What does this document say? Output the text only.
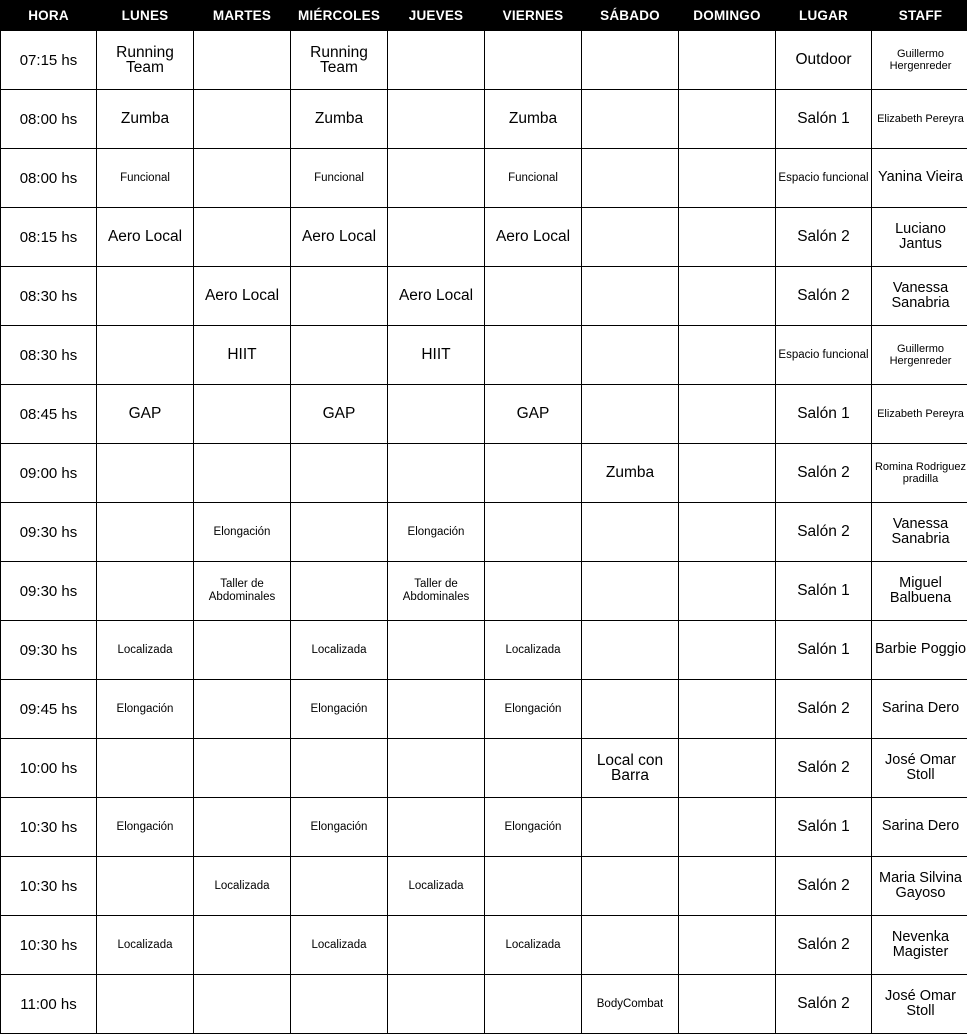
HORA	LUNES	MARTES	MIÉRCOLES	JUEVES	VIERNES	SÁBADO	DOMINGO	LUGAR	STAFF
07:15 hs	Running Team		Running Team					Outdoor	Guillermo Hergenreder
08:00 hs	Zumba		Zumba		Zumba			Salón 1	Elizabeth Pereyra
08:00 hs	Funcional		Funcional		Funcional			Espacio funcional	Yanina Vieira
08:15 hs	Aero Local		Aero Local		Aero Local			Salón 2	Luciano Jantus
08:30 hs		Aero Local		Aero Local				Salón 2	Vanessa Sanabria
08:30 hs		HIIT		HIIT				Espacio funcional	Guillermo Hergenreder
08:45 hs	GAP		GAP		GAP			Salón 1	Elizabeth Pereyra
09:00 hs						Zumba		Salón 2	Romina Rodriguez pradilla
09:30 hs		Elongación		Elongación				Salón 2	Vanessa Sanabria
09:30 hs		Taller de Abdominales		Taller de Abdominales				Salón 1	Miguel Balbuena
09:30 hs	Localizada		Localizada		Localizada			Salón 1	Barbie Poggio
09:45 hs	Elongación		Elongación		Elongación			Salón 2	Sarina Dero
10:00 hs						Local con Barra		Salón 2	José Omar Stoll
10:30 hs	Elongación		Elongación		Elongación			Salón 1	Sarina Dero
10:30 hs		Localizada		Localizada				Salón 2	Maria Silvina Gayoso
10:30 hs	Localizada		Localizada		Localizada			Salón 2	Nevenka Magister
11:00 hs						BodyCombat		Salón 2	José Omar Stoll
